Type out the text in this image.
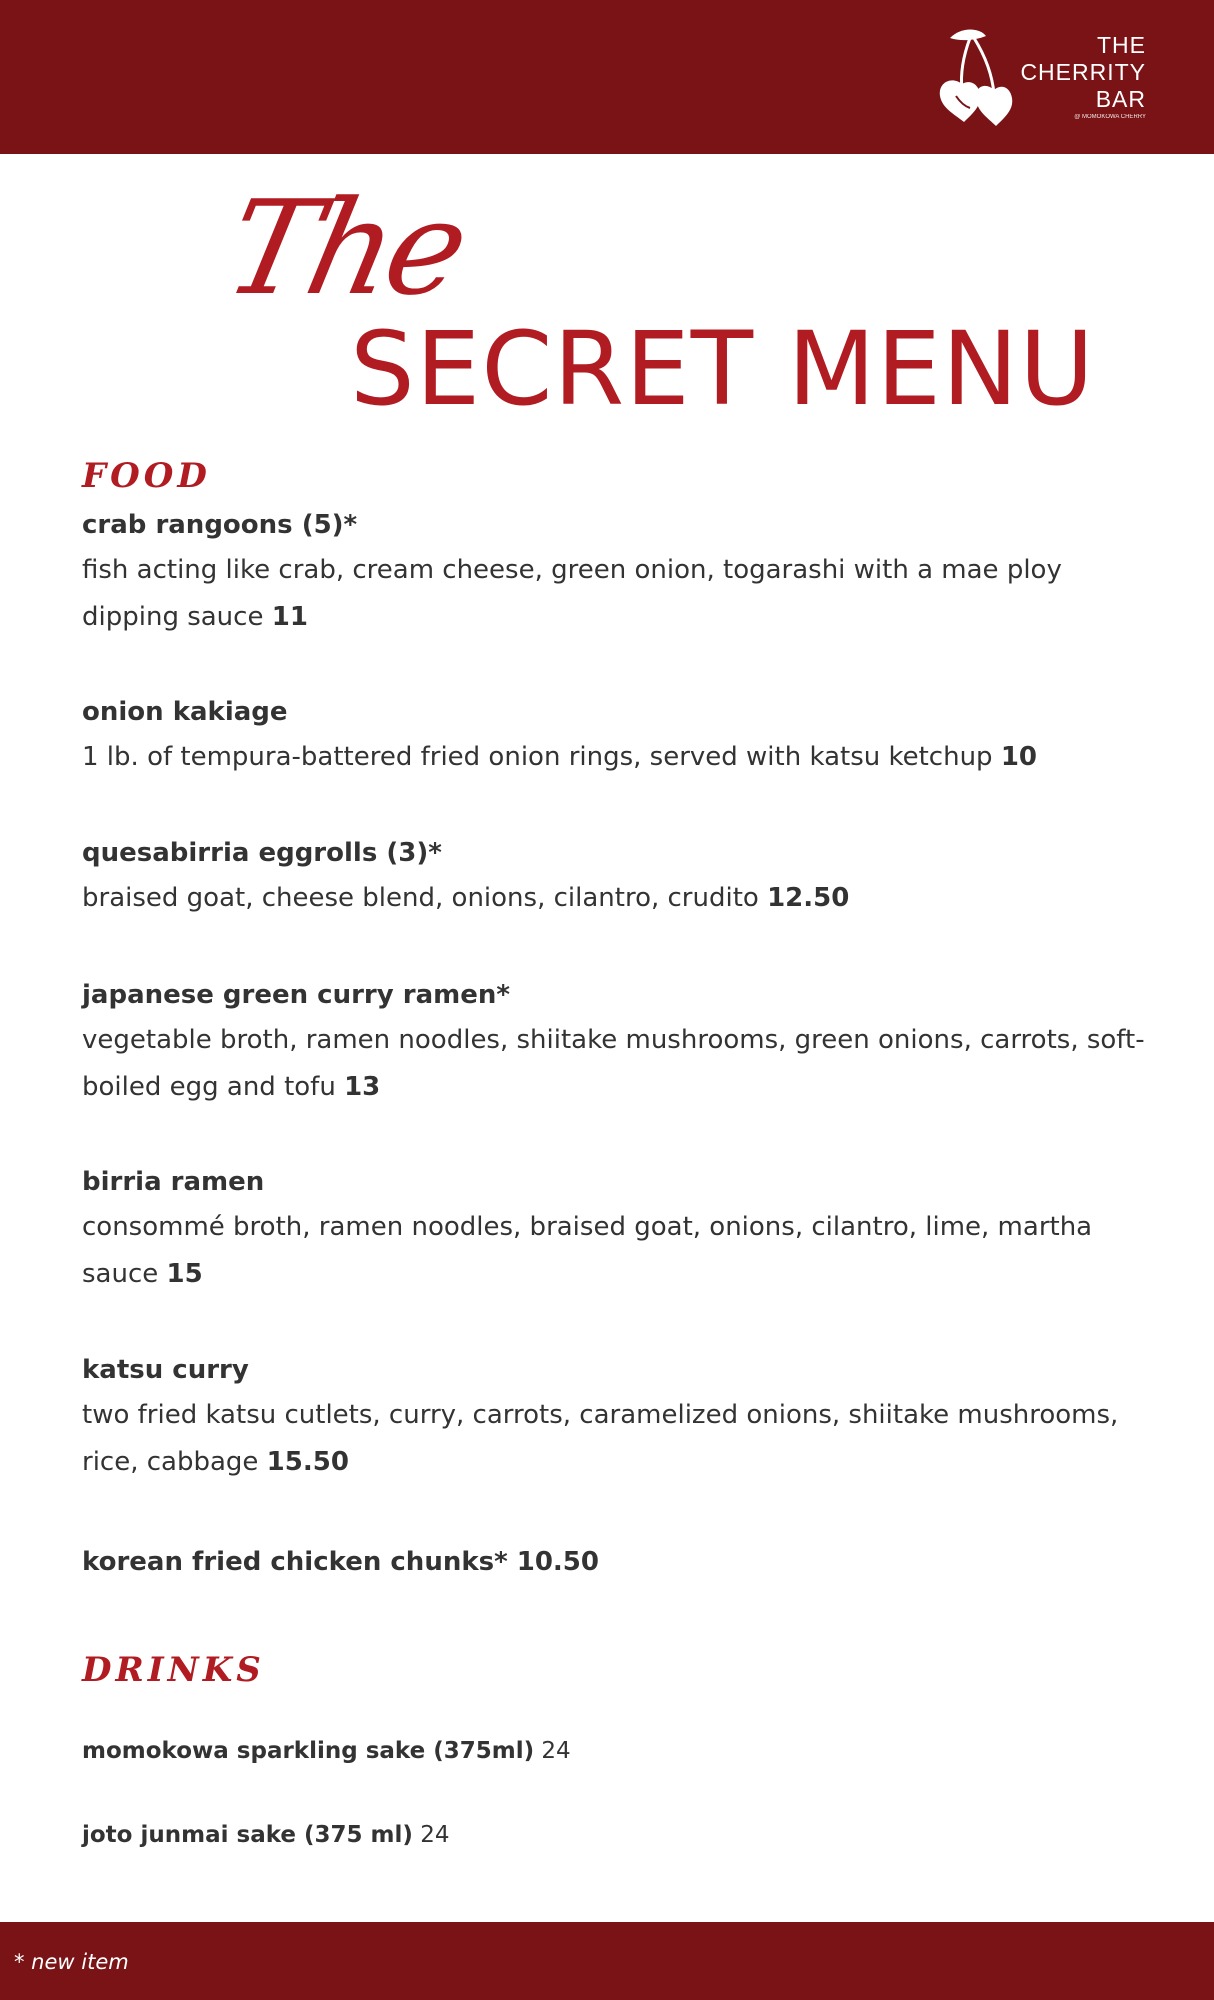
THE
CHERRITY
BAR
@ MOMOKOWA CHERRY
The
SECRET MENU
FOOD
crab rangoons (5)*
fish acting like crab, cream cheese, green onion, togarashi with a mae ploy dipping sauce 11
onion kakiage
1 lb. of tempura-battered fried onion rings, served with katsu ketchup 10
quesabirria eggrolls (3)*
braised goat, cheese blend, onions, cilantro, crudito 12.50
japanese green curry ramen*
vegetable broth, ramen noodles, shiitake mushrooms, green onions, carrots, soft-boiled egg and tofu 13
birria ramen
consommé broth, ramen noodles, braised goat, onions, cilantro, lime, martha sauce 15
katsu curry
two fried katsu cutlets, curry, carrots, caramelized onions, shiitake mushrooms, rice, cabbage 15.50
korean fried chicken chunks* 10.50
DRINKS
momokowa sparkling sake (375ml) 24
joto junmai sake (375 ml) 24
* new item
